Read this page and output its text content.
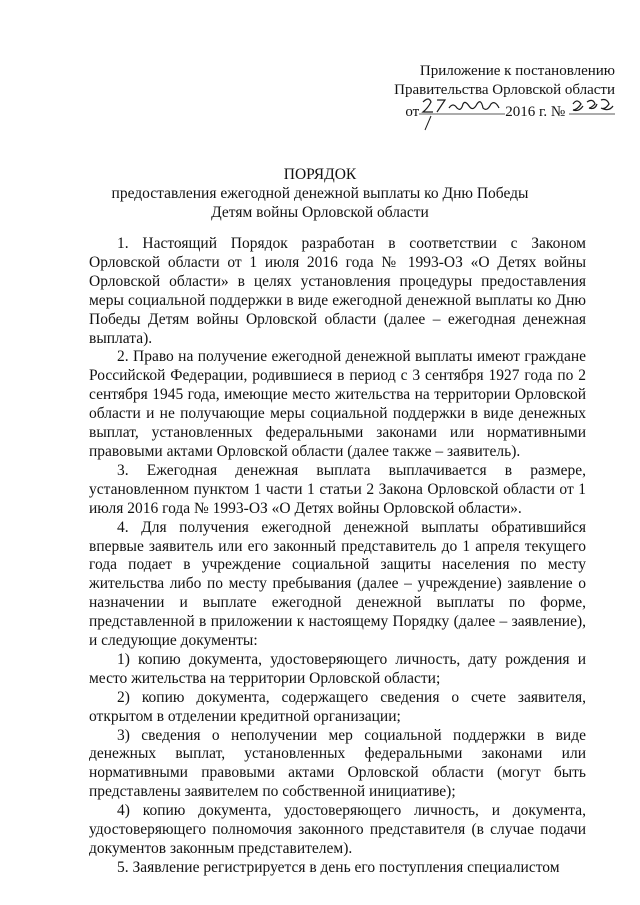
Приложение к постановлению
Правительства Орловской области
от	2016 г. №
ПОРЯДОК
предоставления ежегодной денежной выплаты ко Дню Победы
Детям войны Орловской области

1. Настоящий Порядок разработан в соответствии с Законом Орловской области от 1 июля 2016 года № 1993-ОЗ «О Детях войны Орловской области» в целях установления процедуры предоставления меры социальной поддержки в виде ежегодной денежной выплаты ко Дню Победы Детям войны Орловской области (далее – ежегодная денежная выплата).

2. Право на получение ежегодной денежной выплаты имеют граждане Российской Федерации, родившиеся в период с 3 сентября 1927 года по 2 сентября 1945 года, имеющие место жительства на территории Орловской области и не получающие меры социальной поддержки в виде денежных выплат, установленных федеральными законами или нормативными правовыми актами Орловской области (далее также – заявитель).

3. Ежегодная денежная выплата выплачивается в размере, установленном пунктом 1 части 1 статьи 2 Закона Орловской области от 1 июля 2016 года № 1993-ОЗ «О Детях войны Орловской области».

4. Для получения ежегодной денежной выплаты обратившийся впервые заявитель или его законный представитель до 1 апреля текущего года подает в учреждение социальной защиты населения по месту жительства либо по месту пребывания (далее – учреждение) заявление о назначении и выплате ежегодной денежной выплаты по форме, представленной в приложении к настоящему Порядку (далее – заявление), и следующие документы:

1) копию документа, удостоверяющего личность, дату рождения и место жительства на территории Орловской области;

2) копию документа, содержащего сведения о счете заявителя, открытом в отделении кредитной организации;

3) сведения о неполучении мер социальной поддержки в виде денежных выплат, установленных федеральными законами или нормативными правовыми актами Орловской области (могут быть представлены заявителем по собственной инициативе);

4) копию документа, удостоверяющего личность, и документа, удостоверяющего полномочия законного представителя (в случае подачи документов законным представителем).

5. Заявление регистрируется в день его поступления специалистом
